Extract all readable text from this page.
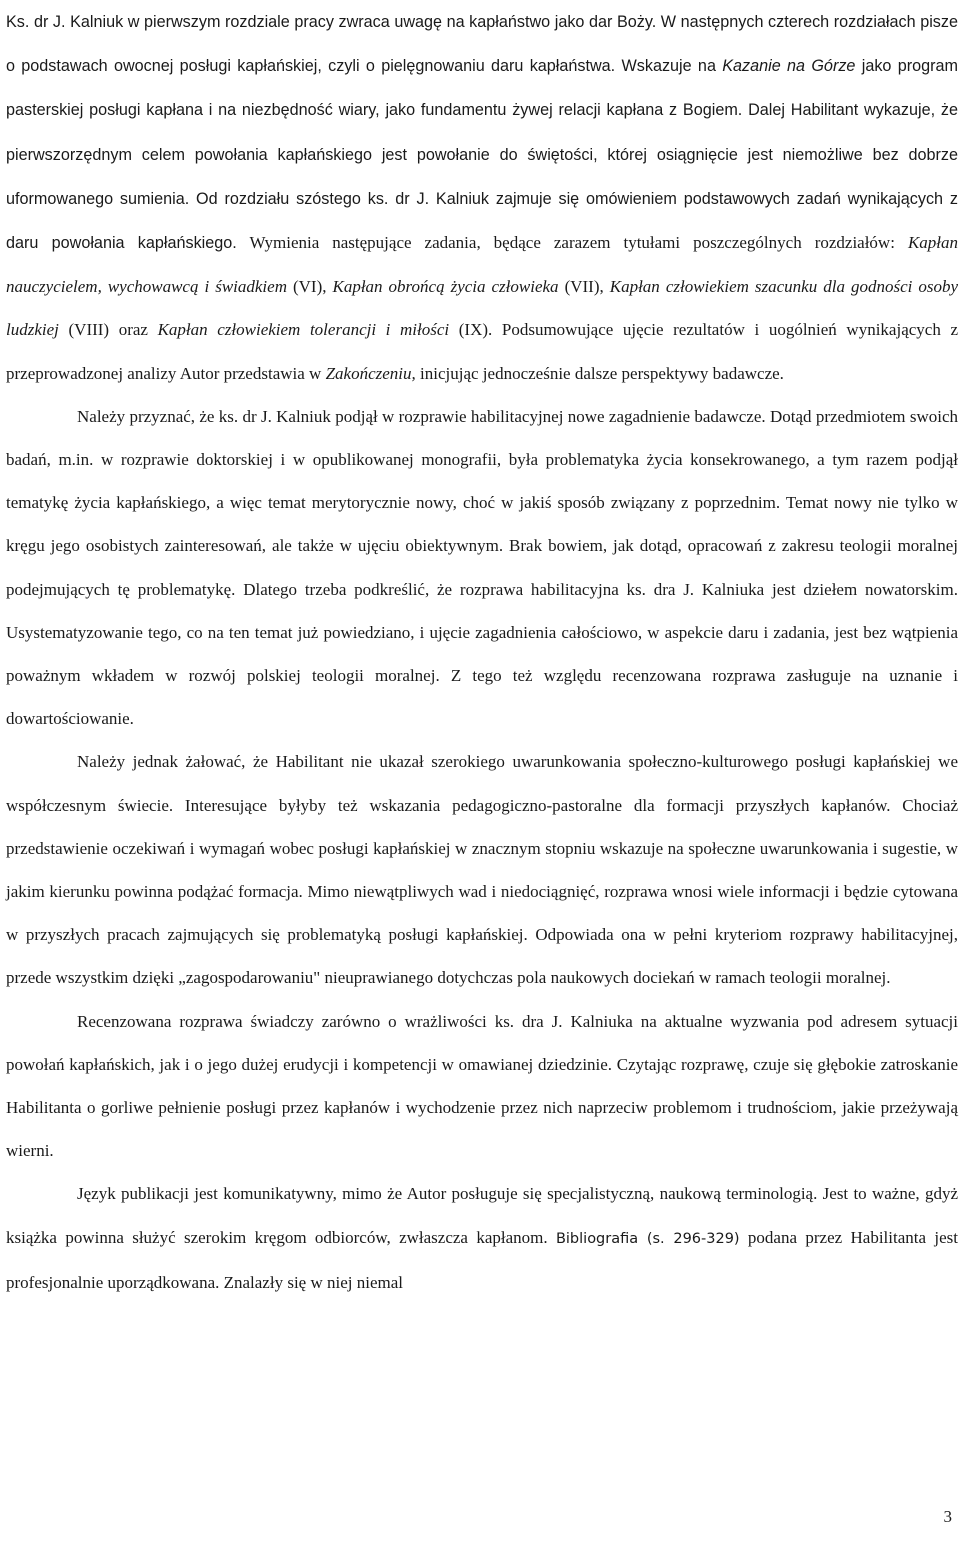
Ks. dr J. Kalniuk w pierwszym rozdziale pracy zwraca uwagę na kapłaństwo jako dar Boży. W następnych czterech rozdziałach pisze o podstawach owocnej posługi kapłańskiej, czyli o pielęgnowaniu daru kapłaństwa. Wskazuje na Kazanie na Górze jako program pasterskiej posługi kapłana i na niezbędność wiary, jako fundamentu żywej relacji kapłana z Bogiem. Dalej Habilitant wykazuje, że pierwszorzędnym celem powołania kapłańskiego jest powołanie do świętości, której osiągnięcie jest niemożliwe bez dobrze uformowanego sumienia. Od rozdziału szóstego ks. dr J. Kalniuk zajmuje się omówieniem podstawowych zadań wynikających z daru powołania kapłańskiego. Wymienia następujące zadania, będące zarazem tytułami poszczególnych rozdziałów: Kapłan nauczycielem, wychowawcą i świadkiem (VI), Kapłan obrońcą życia człowieka (VII), Kapłan człowiekiem szacunku dla godności osoby ludzkiej (VIII) oraz Kapłan człowiekiem tolerancji i miłości (IX). Podsumowujące ujęcie rezultatów i uogólnień wynikających z przeprowadzonej analizy Autor przedstawia w Zakończeniu, inicjując jednocześnie dalsze perspektywy badawcze.

Należy przyznać, że ks. dr J. Kalniuk podjął w rozprawie habilitacyjnej nowe zagadnienie badawcze. Dotąd przedmiotem swoich badań, m.in. w rozprawie doktorskiej i w opublikowanej monografii, była problematyka życia konsekrowanego, a tym razem podjął tematykę życia kapłańskiego, a więc temat merytorycznie nowy, choć w jakiś sposób związany z poprzednim. Temat nowy nie tylko w kręgu jego osobistych zainteresowań, ale także w ujęciu obiektywnym. Brak bowiem, jak dotąd, opracowań z zakresu teologii moralnej podejmujących tę problematykę. Dlatego trzeba podkreślić, że rozprawa habilitacyjna ks. dra J. Kalniuka jest dziełem nowatorskim. Usystematyzowanie tego, co na ten temat już powiedziano, i ujęcie zagadnienia całościowo, w aspekcie daru i zadania, jest bez wątpienia poważnym wkładem w rozwój polskiej teologii moralnej. Z tego też względu recenzowana rozprawa zasługuje na uznanie i dowartościowanie.

Należy jednak żałować, że Habilitant nie ukazał szerokiego uwarunkowania społeczno-kulturowego posługi kapłańskiej we współczesnym świecie. Interesujące byłyby też wskazania pedagogiczno-pastoralne dla formacji przyszłych kapłanów. Chociaż przedstawienie oczekiwań i wymagań wobec posługi kapłańskiej w znacznym stopniu wskazuje na społeczne uwarunkowania i sugestie, w jakim kierunku powinna podążać formacja. Mimo niewątpliwych wad i niedociągnięć, rozprawa wnosi wiele informacji i będzie cytowana w przyszłych pracach zajmujących się problematyką posługi kapłańskiej. Odpowiada ona w pełni kryteriom rozprawy habilitacyjnej, przede wszystkim dzięki „zagospodarowaniu" nieuprawianego dotychczas pola naukowych dociekań w ramach teologii moralnej.

Recenzowana rozprawa świadczy zarówno o wrażliwości ks. dra J. Kalniuka na aktualne wyzwania pod adresem sytuacji powołań kapłańskich, jak i o jego dużej erudycji i kompetencji w omawianej dziedzinie. Czytając rozprawę, czuje się głębokie zatroskanie Habilitanta o gorliwe pełnienie posługi przez kapłanów i wychodzenie przez nich naprzeciw problemom i trudnościom, jakie przeżywają wierni.

Język publikacji jest komunikatywny, mimo że Autor posługuje się specjalistyczną, naukową terminologią. Jest to ważne, gdyż książka powinna służyć szerokim kręgom odbiorców, zwłaszcza kapłanom. Bibliografia (s. 296-329) podana przez Habilitanta jest profesjonalnie uporządkowana. Znalazły się w niej niemal

3
